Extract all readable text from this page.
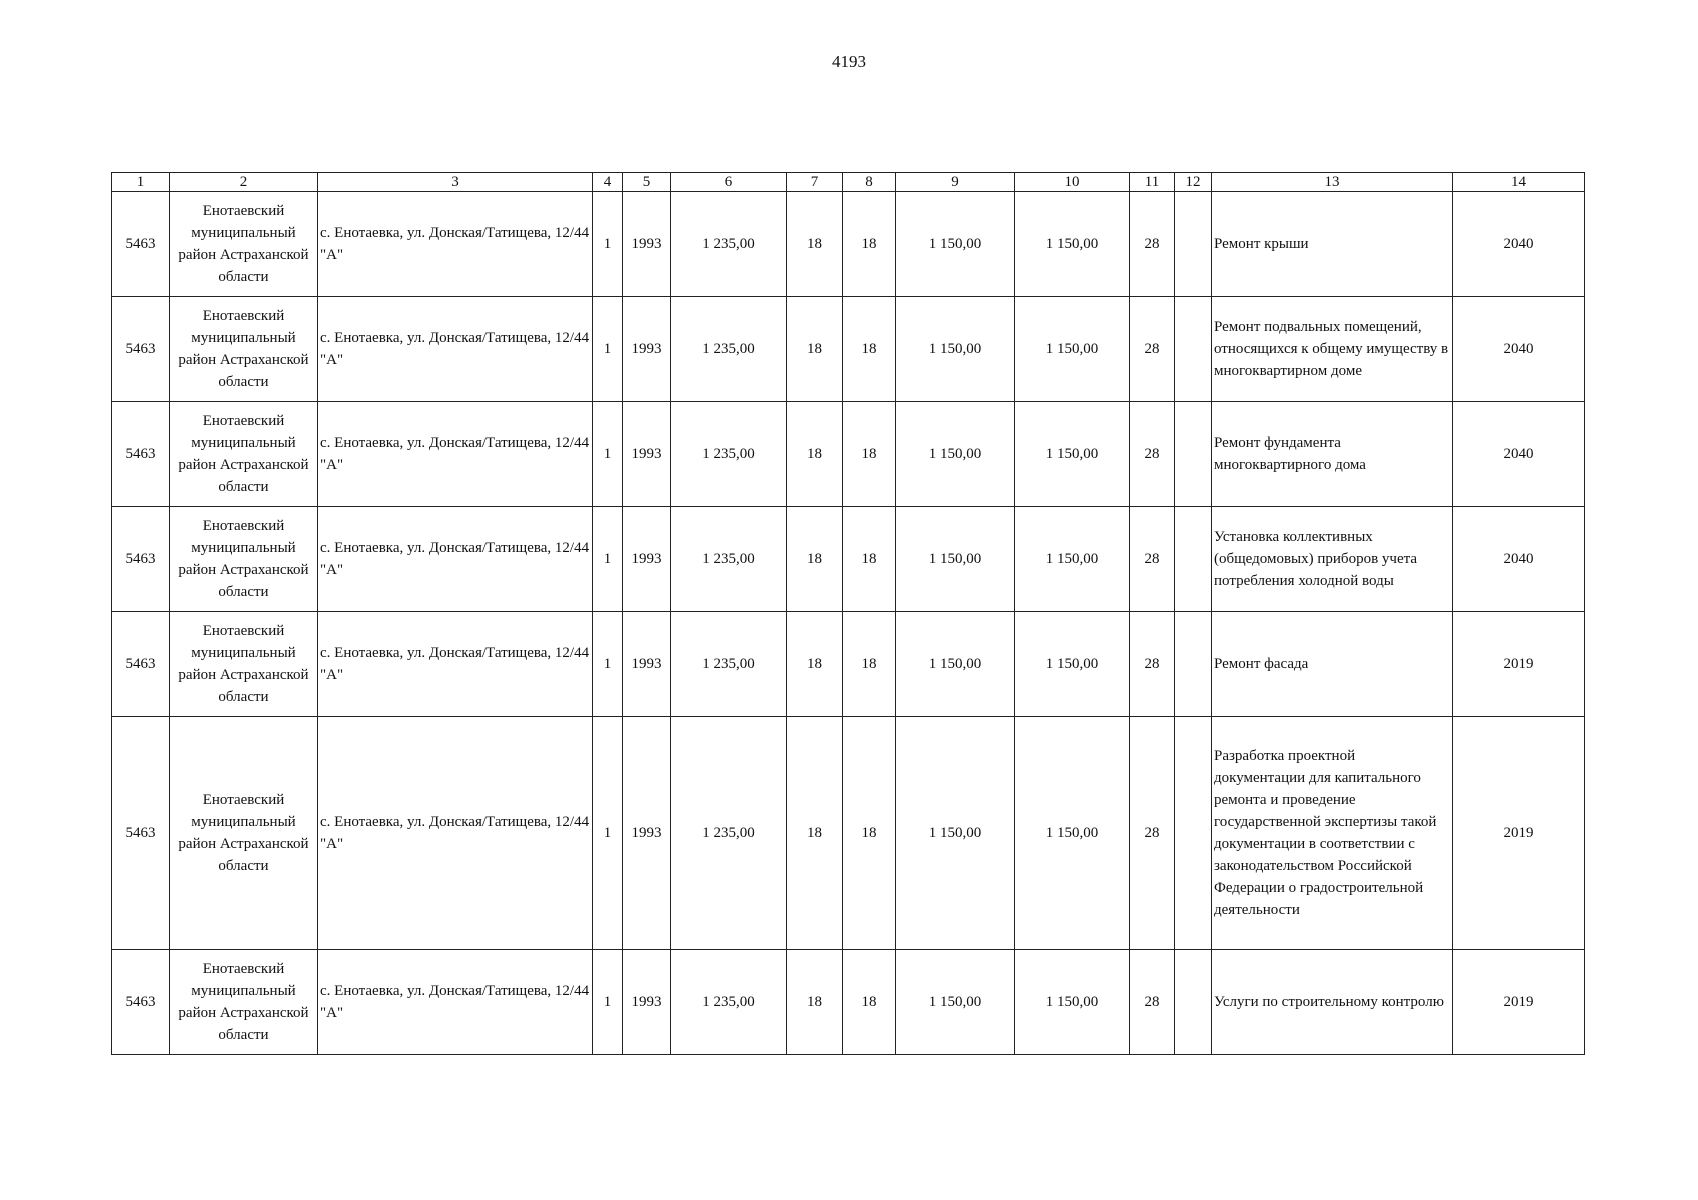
4193
1	2	3	4	5	6	7	8	9	10	11	12	13	14
5463	Енотаевский муниципальный район Астраханской области	с. Енотаевка, ул. Донская/Татищева, 12/44 "А"	1	1993	1 235,00	18	18	1 150,00	1 150,00	28		Ремонт крыши	2040
5463	Енотаевский муниципальный район Астраханской области	с. Енотаевка, ул. Донская/Татищева, 12/44 "А"	1	1993	1 235,00	18	18	1 150,00	1 150,00	28		Ремонт подвальных помещений, относящихся к общему имуществу в многоквартирном доме	2040
5463	Енотаевский муниципальный район Астраханской области	с. Енотаевка, ул. Донская/Татищева, 12/44 "А"	1	1993	1 235,00	18	18	1 150,00	1 150,00	28		Ремонт фундамента многоквартирного дома	2040
5463	Енотаевский муниципальный район Астраханской области	с. Енотаевка, ул. Донская/Татищева, 12/44 "А"	1	1993	1 235,00	18	18	1 150,00	1 150,00	28		Установка коллективных (общедомовых) приборов учета потребления холодной воды	2040
5463	Енотаевский муниципальный район Астраханской области	с. Енотаевка, ул. Донская/Татищева, 12/44 "А"	1	1993	1 235,00	18	18	1 150,00	1 150,00	28		Ремонт фасада	2019
5463	Енотаевский муниципальный район Астраханской области	с. Енотаевка, ул. Донская/Татищева, 12/44 "А"	1	1993	1 235,00	18	18	1 150,00	1 150,00	28		Разработка проектной документации для капитального ремонта и проведение государственной экспертизы такой документации в соответствии с законодательством Российской Федерации о градостроительной деятельности	2019
5463	Енотаевский муниципальный район Астраханской области	с. Енотаевка, ул. Донская/Татищева, 12/44 "А"	1	1993	1 235,00	18	18	1 150,00	1 150,00	28		Услуги по строительному контролю	2019
